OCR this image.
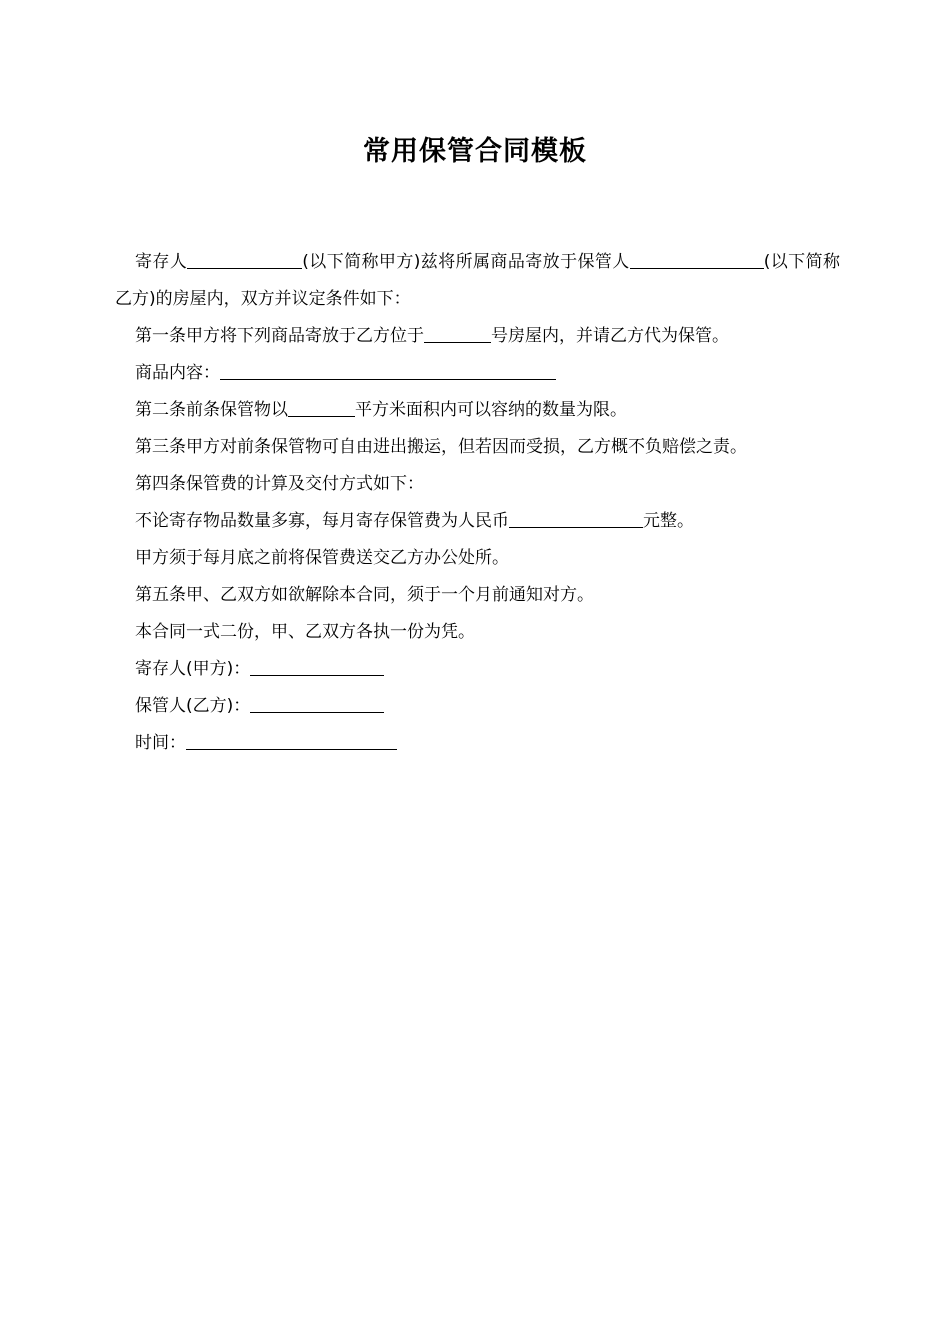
常用保管合同模板

寄存人	(以下简称甲方)兹将所属商品寄放于保管人	(以下简称乙方)的房屋内，双方并议定条件如下：

第一条甲方将下列商品寄放于乙方位于	号房屋内，并请乙方代为保管。

商品内容：

第二条前条保管物以	平方米面积内可以容纳的数量为限。

第三条甲方对前条保管物可自由进出搬运，但若因而受损，乙方概不负赔偿之责。

第四条保管费的计算及交付方式如下：

不论寄存物品数量多寡，每月寄存保管费为人民币	元整。

甲方须于每月底之前将保管费送交乙方办公处所。

第五条甲、乙双方如欲解除本合同，须于一个月前通知对方。

本合同一式二份，甲、乙双方各执一份为凭。

寄存人(甲方)：

保管人(乙方)：

时间：
